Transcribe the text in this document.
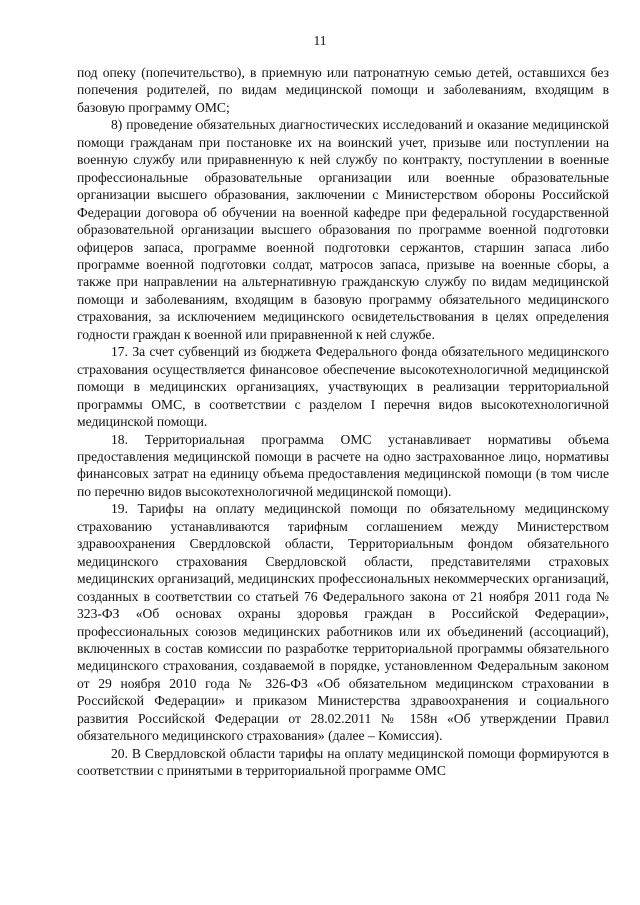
11

под опеку (попечительство), в приемную или патронатную семью детей, оставшихся без попечения родителей, по видам медицинской помощи и заболеваниям, входящим в базовую программу ОМС;

8) проведение обязательных диагностических исследований и оказание медицинской помощи гражданам при постановке их на воинский учет, призыве или поступлении на военную службу или приравненную к ней службу по контракту, поступлении в военные профессиональные образовательные организации или военные образовательные организации высшего образования, заключении с Министерством обороны Российской Федерации договора об обучении на военной кафедре при федеральной государственной образовательной организации высшего образования по программе военной подготовки офицеров запаса, программе военной подготовки сержантов, старшин запаса либо программе военной подготовки солдат, матросов запаса, призыве на военные сборы, а также при направлении на альтернативную гражданскую службу по видам медицинской помощи и заболеваниям, входящим в базовую программу обязательного медицинского страхования, за исключением медицинского освидетельствования в целях определения годности граждан к военной или приравненной к ней службе.

17. За счет субвенций из бюджета Федерального фонда обязательного медицинского страхования осуществляется финансовое обеспечение высокотехнологичной медицинской помощи в медицинских организациях, участвующих в реализации территориальной программы ОМС, в соответствии с разделом I перечня видов высокотехнологичной медицинской помощи.

18. Территориальная программа ОМС устанавливает нормативы объема предоставления медицинской помощи в расчете на одно застрахованное лицо, нормативы финансовых затрат на единицу объема предоставления медицинской помощи (в том числе по перечню видов высокотехнологичной медицинской помощи).

19. Тарифы на оплату медицинской помощи по обязательному медицинскому страхованию устанавливаются тарифным соглашением между Министерством здравоохранения Свердловской области, Территориальным фондом обязательного медицинского страхования Свердловской области, представителями страховых медицинских организаций, медицинских профессиональных некоммерческих организаций, созданных в соответствии со статьей 76 Федерального закона от 21 ноября 2011 года № 323-ФЗ «Об основах охраны здоровья граждан в Российской Федерации», профессиональных союзов медицинских работников или их объединений (ассоциаций), включенных в состав комиссии по разработке территориальной программы обязательного медицинского страхования, создаваемой в порядке, установленном Федеральным законом от 29 ноября 2010 года № 326-ФЗ «Об обязательном медицинском страховании в Российской Федерации» и приказом Министерства здравоохранения и социального развития Российской Федерации от 28.02.2011 № 158н «Об утверждении Правил обязательного медицинского страхования» (далее – Комиссия).

20. В Свердловской области тарифы на оплату медицинской помощи формируются в соответствии с принятыми в территориальной программе ОМС
